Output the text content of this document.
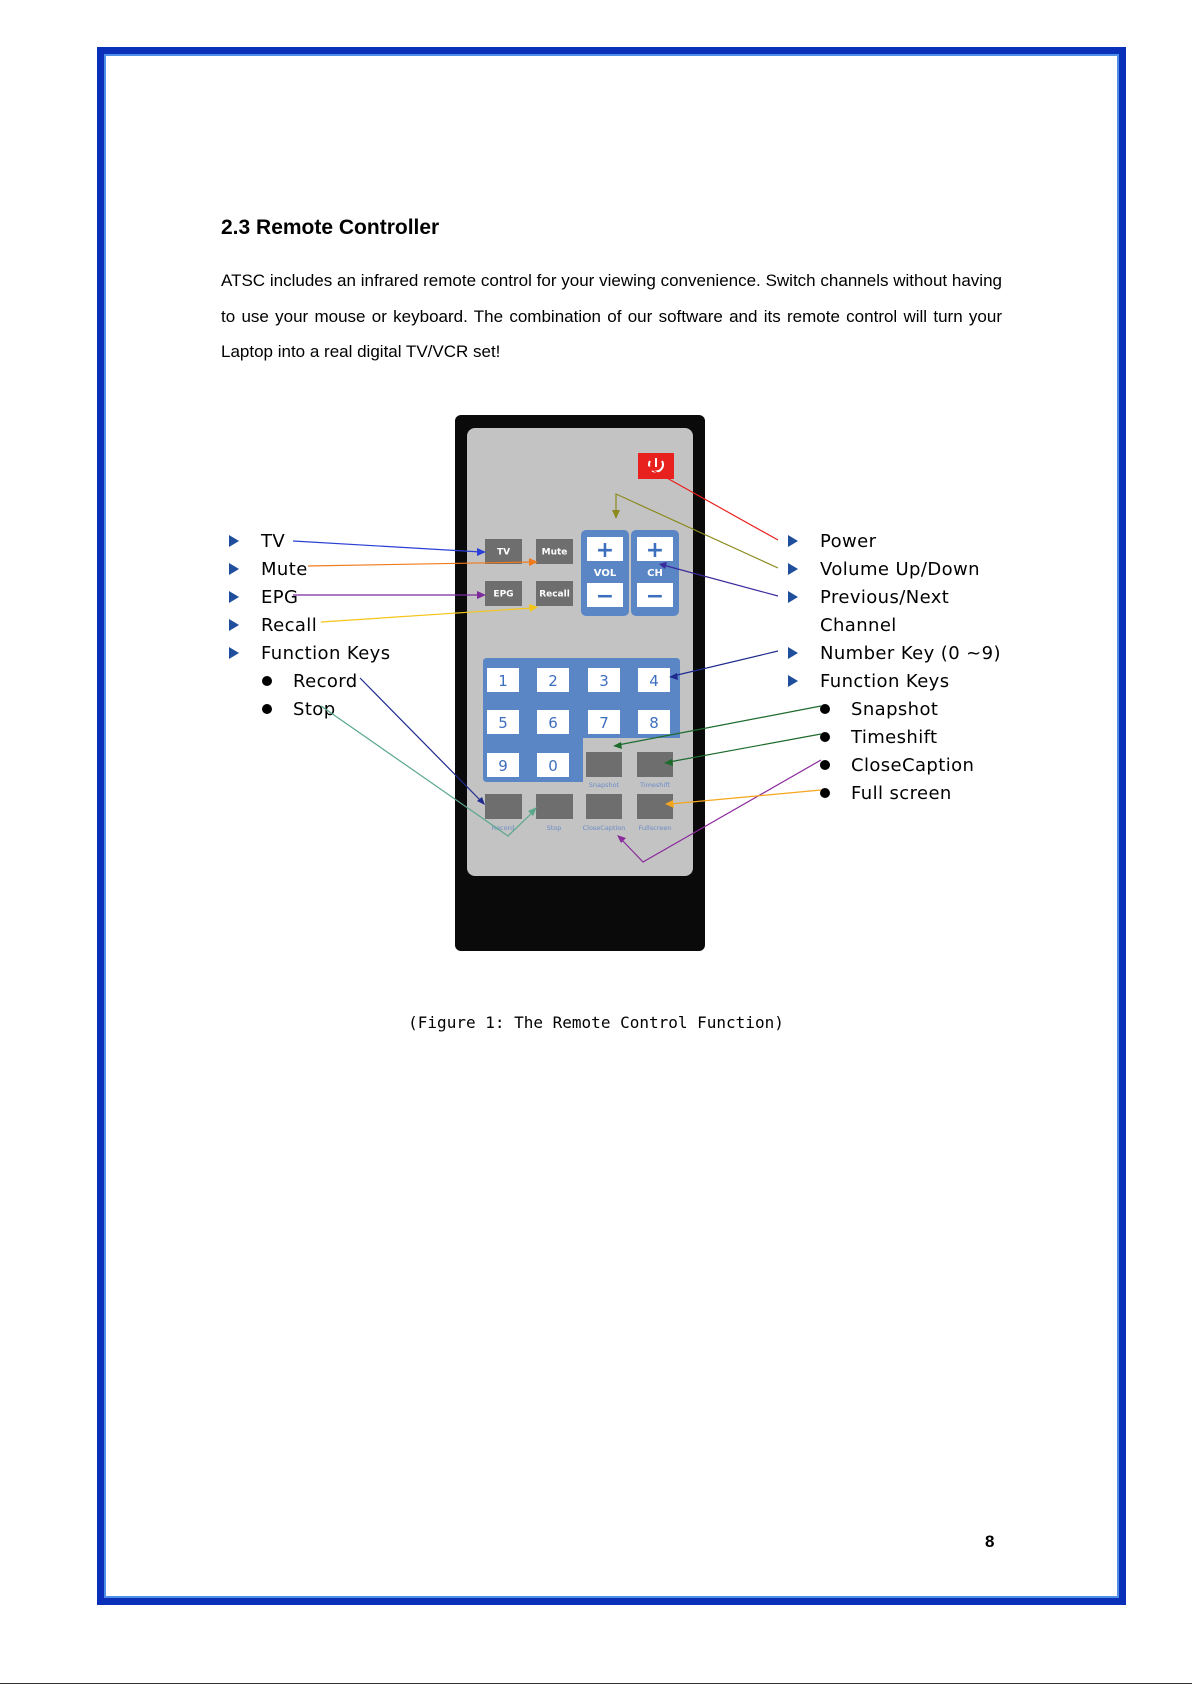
2.3 Remote Controller

ATSC includes an infrared remote control for your viewing convenience. Switch channels without having to use your mouse or keyboard. The combination of our software and its remote control will turn your Laptop into a real digital TV/VCR set!

TV	Mute
EPG	Recall
+
VOL
−
+
CH
−
1	2	3	4
5	6	7	8
9	0
Snapshot	Timeshift
Record	Stop	CloseCaption Fullscreen
TV
Mute
EPG
Recall
Function Keys
Record
Stop
Power
Volume Up/Down
Previous/Next
Channel
Number Key (0 ~9)
Function Keys
Snapshot
Timeshift
CloseCaption
Full screen

(Figure 1: The Remote Control Function)

8
